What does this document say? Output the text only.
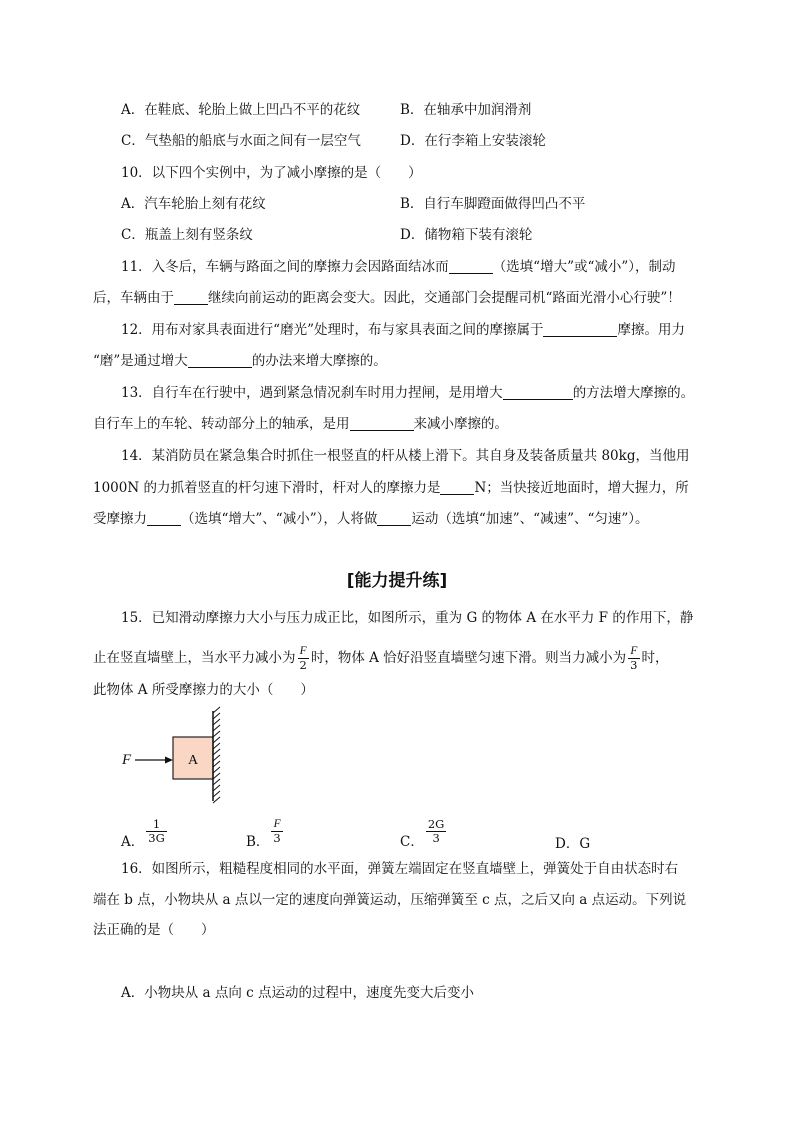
A．在鞋底、轮胎上做上凹凸不平的花纹	B．在轴承中加润滑剂
C．气垫船的船底与水面之间有一层空气	D．在行李箱上安装滚轮
10．以下四个实例中，为了减小摩擦的是（　　）
A．汽车轮胎上刻有花纹	B．自行车脚蹬面做得凹凸不平
C．瓶盖上刻有竖条纹	D．储物箱下装有滚轮
11．入冬后，车辆与路面之间的摩擦力会因路面结冰而	（选填“增大”或“减小”），制动
后，车辆由于	继续向前运动的距离会变大。因此，交通部门会提醒司机“路面光滑小心行驶”！
12．用布对家具表面进行“磨光”处理时，布与家具表面之间的摩擦属于	摩擦。用力
“磨”是通过增大	的办法来增大摩擦的。
13．自行车在行驶中，遇到紧急情况刹车时用力捏闸，是用增大	的方法增大摩擦的。
自行车上的车轮、转动部分上的轴承，是用	来减小摩擦的。
14．某消防员在紧急集合时抓住一根竖直的杆从楼上滑下。其自身及装备质量共 80kg，当他用
1000N 的力抓着竖直的杆匀速下滑时，杆对人的摩擦力是	N；当快接近地面时，增大握力，所
受摩擦力	（选填“增大”、“减小”），人将做	运动（选填“加速”、“减速”、“匀速”）。
[能力提升练]
15．已知滑动摩擦力大小与压力成正比，如图所示，重为 G 的物体 A 在水平力 F 的作用下，静
止在竖直墙壁上，当水平力减小为 $\frac{F}{2}$ 时，物体 A 恰好沿竖直墙壁匀速下滑。则当力减小为 $\frac{F}{3}$ 时，
此物体 A 所受摩擦力的大小（　　）
F	A
A． $\frac{1}{3G}$	B． $\frac{F}{3}$	C． $\frac{2G}{3}$	D．G
16．如图所示，粗糙程度相同的水平面，弹簧左端固定在竖直墙壁上，弹簧处于自由状态时右
端在 b 点，小物块从 a 点以一定的速度向弹簧运动，压缩弹簧至 c 点，之后又向 a 点运动。下列说
法正确的是（　　）
A．小物块从 a 点向 c 点运动的过程中，速度先变大后变小
